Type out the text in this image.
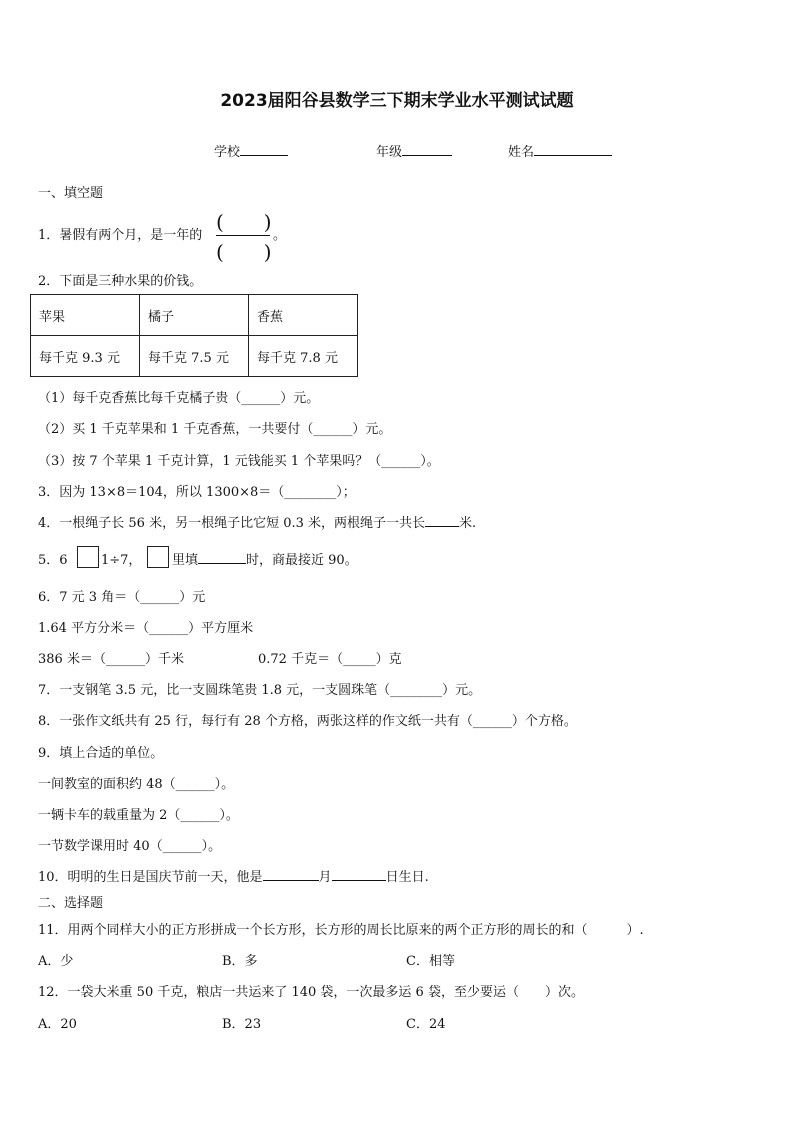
2023届阳谷县数学三下期末学业水平测试试题
学校	年级	姓名
一、填空题
1．暑假有两个月，是一年的
(　　)
(　　)
。
2．下面是三种水果的价钱。
苹果	橘子	香蕉
每千克 9.3 元	每千克 7.5 元	每千克 7.8 元
（1）每千克香蕉比每千克橘子贵（______）元。
（2）买 1 千克苹果和 1 千克香蕉，一共要付（______）元。
（3）按 7 个苹果 1 千克计算，1 元钱能买 1 个苹果吗？（______）。
3．因为 13×8＝104，所以 1300×8＝（________）；
4．一根绳子长 56 米，另一根绳子比它短 0.3 米，两根绳子一共长	米.
5．6	1÷7， 里填	时，商最接近 90。
6．7 元 3 角＝（______）元
1.64 平方分米＝（______）平方厘米
386 米＝（______）千米	0.72 千克＝（_____）克
7．一支钢笔 3.5 元，比一支圆珠笔贵 1.8 元，一支圆珠笔（________）元。
8．一张作文纸共有 25 行，每行有 28 个方格，两张这样的作文纸一共有（______）个方格。
9．填上合适的单位。
一间教室的面积约 48（______）。
一辆卡车的载重量为 2（______）。
一节数学课用时 40（______）。
10．明明的生日是国庆节前一天，他是	月	日生日.
二、选择题
11．用两个同样大小的正方形拼成一个长方形，长方形的周长比原来的两个正方形的周长的和（　　　）.
A．少	B．多	C．相等
12．一袋大米重 50 千克，粮店一共运来了 140 袋，一次最多运 6 袋，至少要运（　　）次。
A．20	B．23	C．24
